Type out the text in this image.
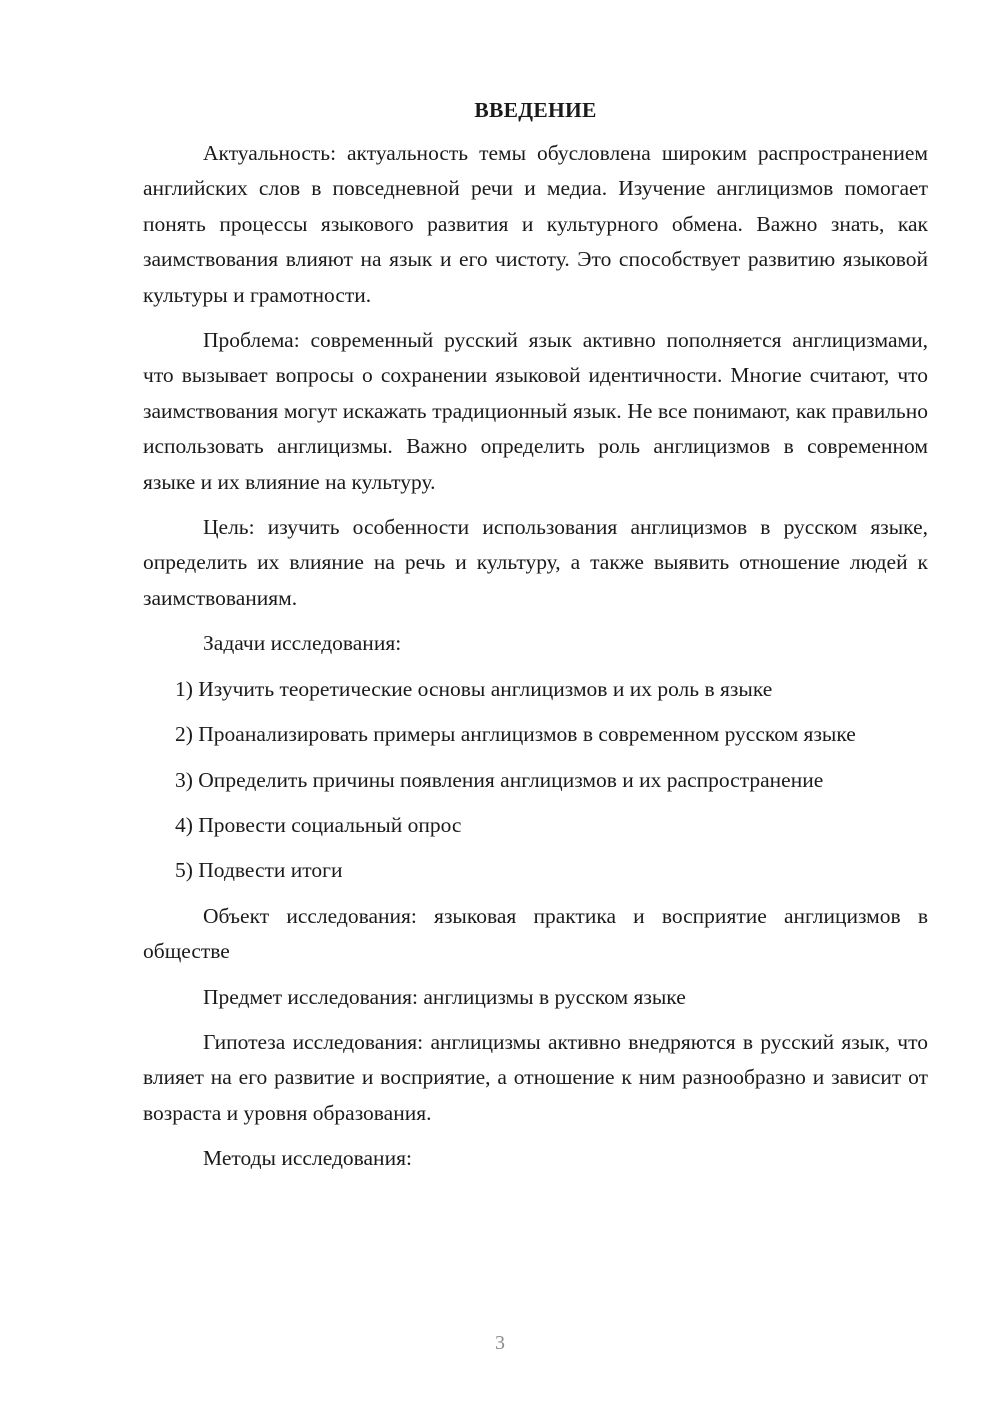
ВВЕДЕНИЕ

Актуальность: актуальность темы обусловлена широким распространением английских слов в повседневной речи и медиа. Изучение англицизмов помогает понять процессы языкового развития и культурного обмена. Важно знать, как заимствования влияют на язык и его чистоту. Это способствует развитию языковой культуры и грамотности.

Проблема: современный русский язык активно пополняется англицизмами, что вызывает вопросы о сохранении языковой идентичности. Многие считают, что заимствования могут искажать традиционный язык. Не все понимают, как правильно использовать англицизмы. Важно определить роль англицизмов в современном языке и их влияние на культуру.

Цель: изучить особенности использования англицизмов в русском языке, определить их влияние на речь и культуру, а также выявить отношение людей к заимствованиям.

Задачи исследования:

1) Изучить теоретические основы англицизмов и их роль в языке

2) Проанализировать примеры англицизмов в современном русском языке

3) Определить причины появления англицизмов и их распространение

4) Провести социальный опрос

5) Подвести итоги

Объект исследования: языковая практика и восприятие англицизмов в обществе

Предмет исследования: англицизмы в русском языке

Гипотеза исследования: англицизмы активно внедряются в русский язык, что влияет на его развитие и восприятие, а отношение к ним разнообразно и зависит от возраста и уровня образования.

Методы исследования:

3
